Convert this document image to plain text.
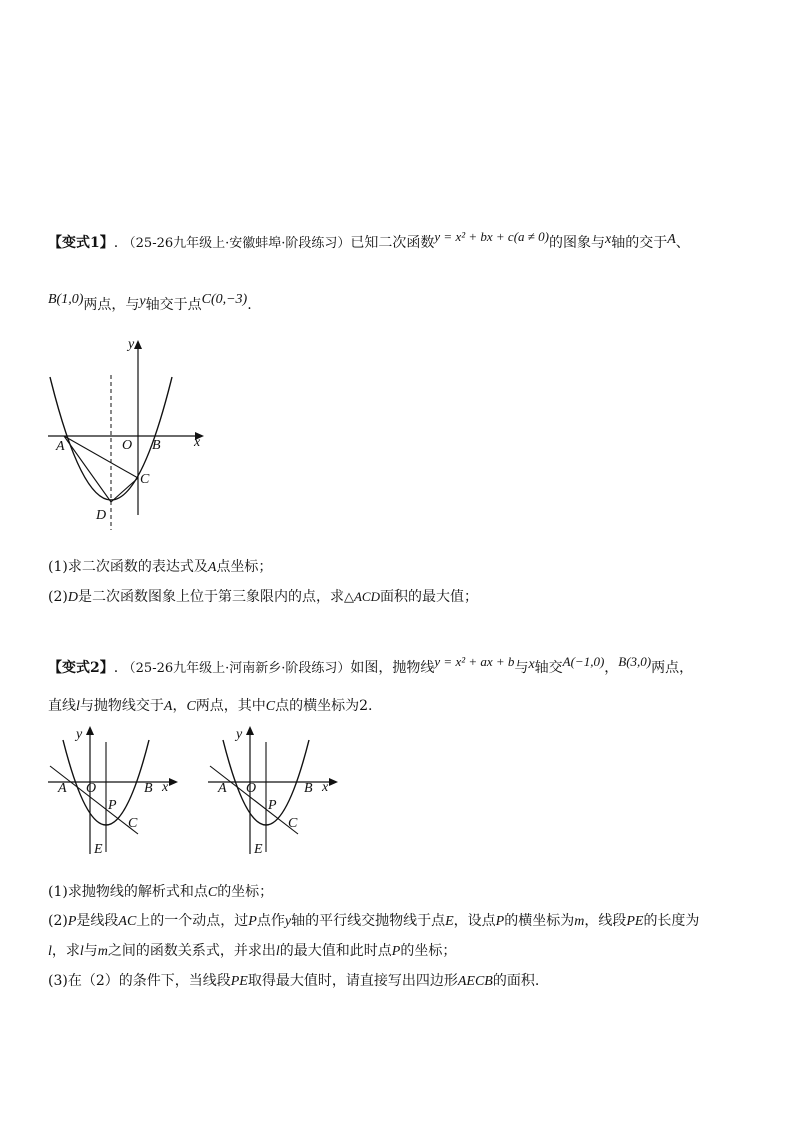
【变式1】. （25-26九年级上·安徽蚌埠·阶段练习）已知二次函数y = x² + bx + c(a ≠ 0)的图象与x轴的交于A、
B(1,0)两点，与y轴交于点C(0,−3).
y
x
O
A	B
C
D
(1)求二次函数的表达式及A点坐标；
(2)D是二次函数图象上位于第三象限内的点，求△ACD面积的最大值；
【变式2】. （25-26九年级上·河南新乡·阶段练习）如图，抛物线y = x² + ax + b与x轴交A(−1,0)，B(3,0)两点，
直线l与抛物线交于A，C两点，其中C点的横坐标为2.
y
x
O
A	B
P
C
E
y
x
O
A	B
P
C
E
(1)求抛物线的解析式和点C的坐标；
(2)P是线段AC上的一个动点，过P点作y轴的平行线交抛物线于点E，设点P的横坐标为m，线段PE的长度为
l，求l与m之间的函数关系式，并求出l的最大值和此时点P的坐标；
(3)在（2）的条件下，当线段PE取得最大值时，请直接写出四边形AECB的面积.
